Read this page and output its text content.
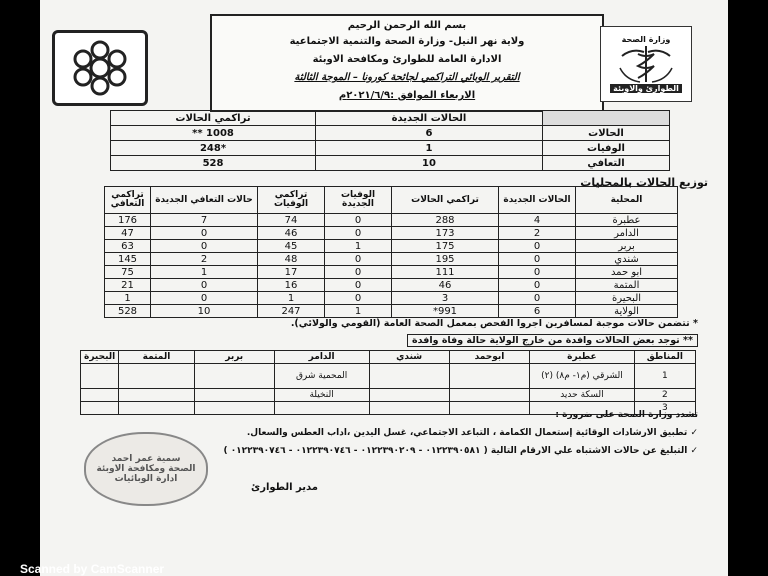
بسم الله الرحمن الرحيم
ولاية نهر النيل- وزارة الصحة والتنمية الاجتماعية
الادارة العامة للطوارئ ومكافحة الاوبئة
التقرير الوبائي التراكمي لجائحة كورونا – الموجة الثالثة
الاربعاء الموافق :٢٠٢١/٦/٩م
وزارة الصحة
الطوارئ والاوبئة
	الحالات الجديدة	تراكمي الحالات
الحالات	6	1008 **
الوفيات	1	*248
التعافي	10	528
توزيع الحالات بالمحليات
المحلية	الحالات الجديدة	تراكمي الحالات	الوفيات الجديدة	تراكمي الوفيات	حالات التعافي الجديدة	تراكمي التعافي
عطبرة	4	288	0	74	7	176
الدامر	2	173	0	46	0	47
بربر	0	175	1	45	0	63
شندي	0	195	0	48	2	145
ابو حمد	0	111	0	17	1	75
المتمة	0	46	0	16	0	21
البحيرة	0	3	0	1	0	1
الولاية	6	991*	1	247	10	528
* تتضمن حالات موجبة لمسافرين اجروا الفحص بمعمل الصحة العامة (القومي والولائي).
** توجد بعض الحالات وافدة من خارج الولاية حالة وفاة وافدة
المناطق	عطبرة	ابوحمد	شندي	الدامر	بربر	المتمة	البحيرة
1	الشرقي (م١- م٨) (٢)			المحمية شرق			
2	السكة حديد			النخيلة			
3							
تشدد وزارة الصحة على ضرورة :
✓ تطبيق الارشادات الوقائية إستعمال الكمامة ، التباعد الاجتماعي، غسل اليدين ،اداب العطس والسعال.
✓ التبليغ عن حالات الاشتباه علي الارقام التالية ( ٠١٢٢٣٩٠٥٨١ - ٠١٢٢٣٩٠٢٠٩ - ٠١٢٢٣٩٠٧٤٦ - ٠١٢٢٣٩٠٧٤٦ )
سمية عمر احمد
الصحة ومكافحة الاوبئة
ادارة الوبائيات
مدير الطوارئ
Scanned by CamScanner
